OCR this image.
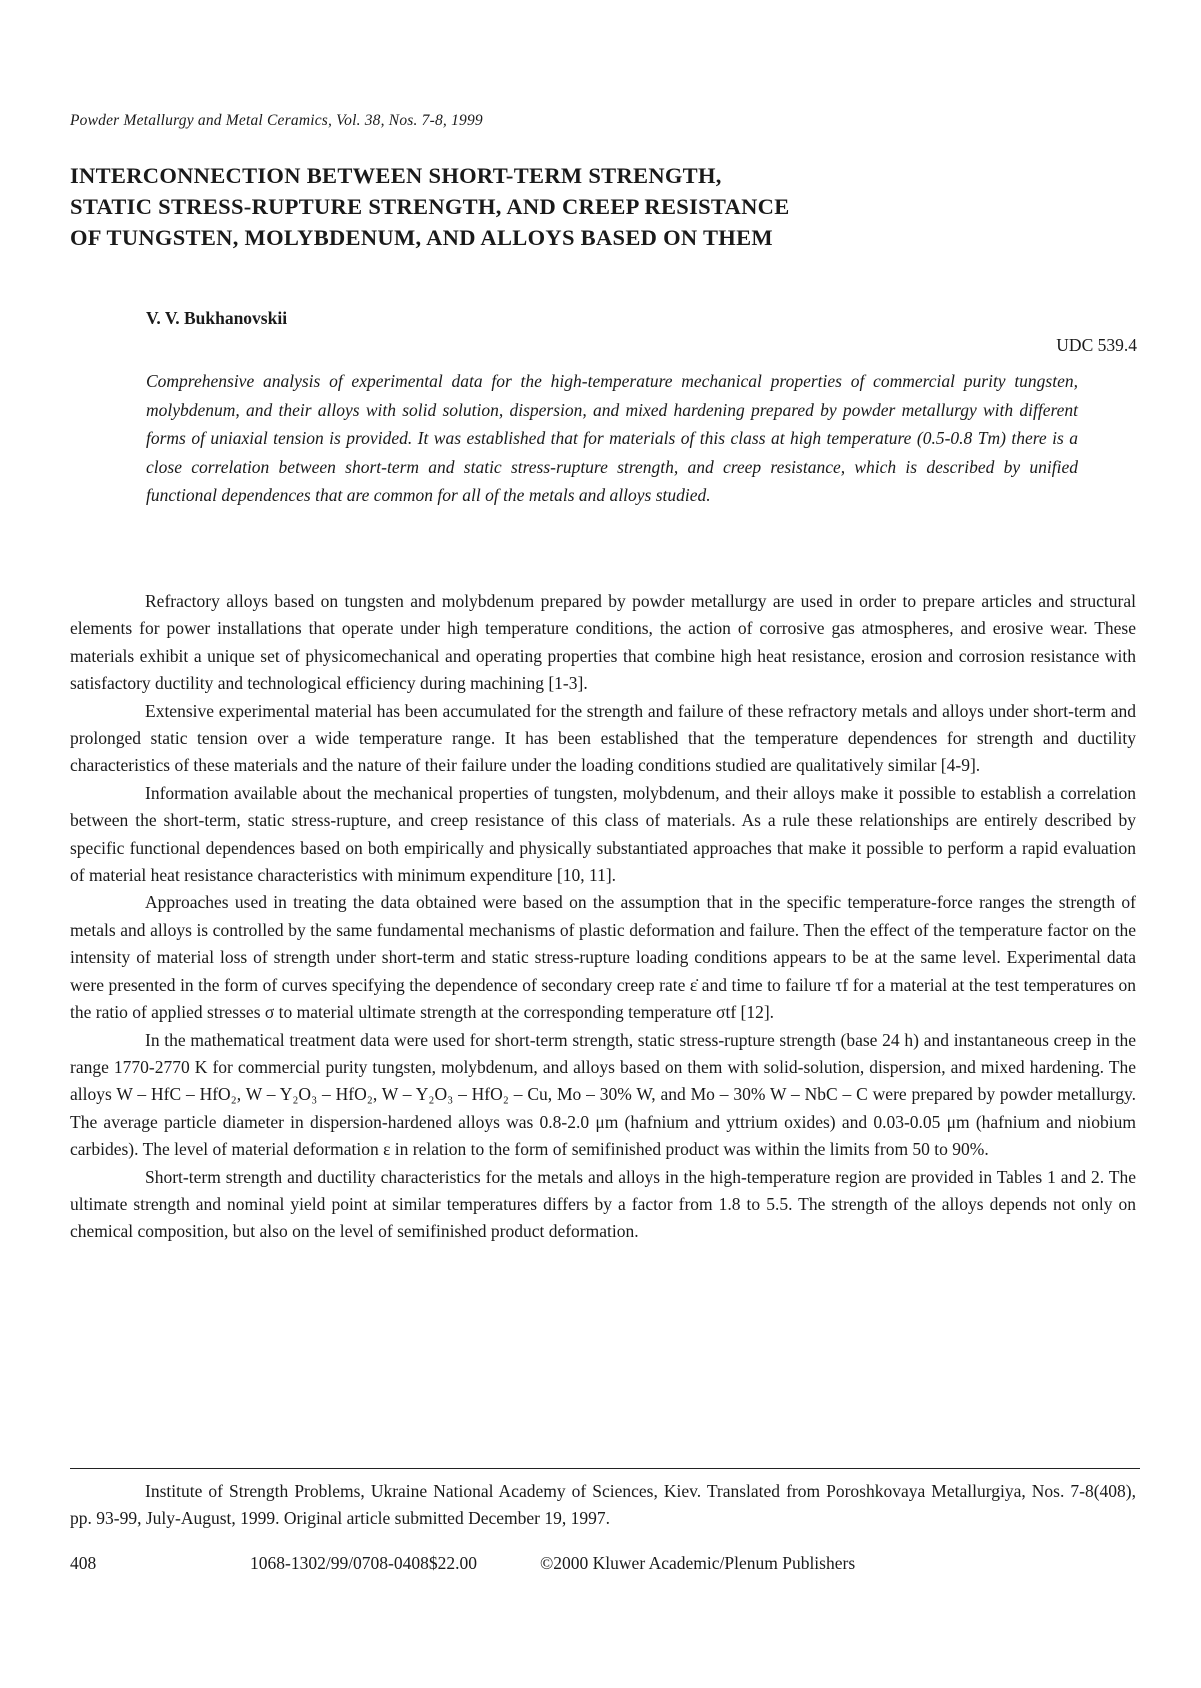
Powder Metallurgy and Metal Ceramics, Vol. 38, Nos. 7-8, 1999
INTERCONNECTION BETWEEN SHORT-TERM STRENGTH,
STATIC STRESS-RUPTURE STRENGTH, AND CREEP RESISTANCE
OF TUNGSTEN, MOLYBDENUM, AND ALLOYS BASED ON THEM
V. V. Bukhanovskii
UDC 539.4
Comprehensive analysis of experimental data for the high-temperature mechanical properties of commercial purity tungsten, molybdenum, and their alloys with solid solution, dispersion, and mixed hardening prepared by powder metallurgy with different forms of uniaxial tension is provided. It was established that for materials of this class at high temperature (0.5-0.8 Tm) there is a close correlation between short-term and static stress-rupture strength, and creep resistance, which is described by unified functional dependences that are common for all of the metals and alloys studied.

Refractory alloys based on tungsten and molybdenum prepared by powder metallurgy are used in order to prepare articles and structural elements for power installations that operate under high temperature conditions, the action of corrosive gas atmospheres, and erosive wear. These materials exhibit a unique set of physicomechanical and operating properties that combine high heat resistance, erosion and corrosion resistance with satisfactory ductility and technological efficiency during machining [1-3].

Extensive experimental material has been accumulated for the strength and failure of these refractory metals and alloys under short-term and prolonged static tension over a wide temperature range. It has been established that the temperature dependences for strength and ductility characteristics of these materials and the nature of their failure under the loading conditions studied are qualitatively similar [4-9].

Information available about the mechanical properties of tungsten, molybdenum, and their alloys make it possible to establish a correlation between the short-term, static stress-rupture, and creep resistance of this class of materials. As a rule these relationships are entirely described by specific functional dependences based on both empirically and physically substantiated approaches that make it possible to perform a rapid evaluation of material heat resistance characteristics with minimum expenditure [10, 11].

Approaches used in treating the data obtained were based on the assumption that in the specific temperature-force ranges the strength of metals and alloys is controlled by the same fundamental mechanisms of plastic deformation and failure. Then the effect of the temperature factor on the intensity of material loss of strength under short-term and static stress-rupture loading conditions appears to be at the same level. Experimental data were presented in the form of curves specifying the dependence of secondary creep rate ε̇ and time to failure τf for a material at the test temperatures on the ratio of applied stresses σ to material ultimate strength at the corresponding temperature σtf [12].

In the mathematical treatment data were used for short-term strength, static stress-rupture strength (base 24 h) and instantaneous creep in the range 1770-2770 K for commercial purity tungsten, molybdenum, and alloys based on them with solid-solution, dispersion, and mixed hardening. The alloys W – HfC – HfO₂, W – Y₂O₃ – HfO₂, W – Y₂O₃ – HfO₂ – Cu, Mo – 30% W, and Mo – 30% W – NbC – C were prepared by powder metallurgy. The average particle diameter in dispersion-hardened alloys was 0.8-2.0 μm (hafnium and yttrium oxides) and 0.03-0.05 μm (hafnium and niobium carbides). The level of material deformation ε in relation to the form of semifinished product was within the limits from 50 to 90%.

Short-term strength and ductility characteristics for the metals and alloys in the high-temperature region are provided in Tables 1 and 2. The ultimate strength and nominal yield point at similar temperatures differs by a factor from 1.8 to 5.5. The strength of the alloys depends not only on chemical composition, but also on the level of semifinished product deformation.

Institute of Strength Problems, Ukraine National Academy of Sciences, Kiev. Translated from Poroshkovaya Metallurgiya, Nos. 7-8(408), pp. 93-99, July-August, 1999. Original article submitted December 19, 1997.
408	1068-1302/99/0708-0408$22.00	©2000 Kluwer Academic/Plenum Publishers
